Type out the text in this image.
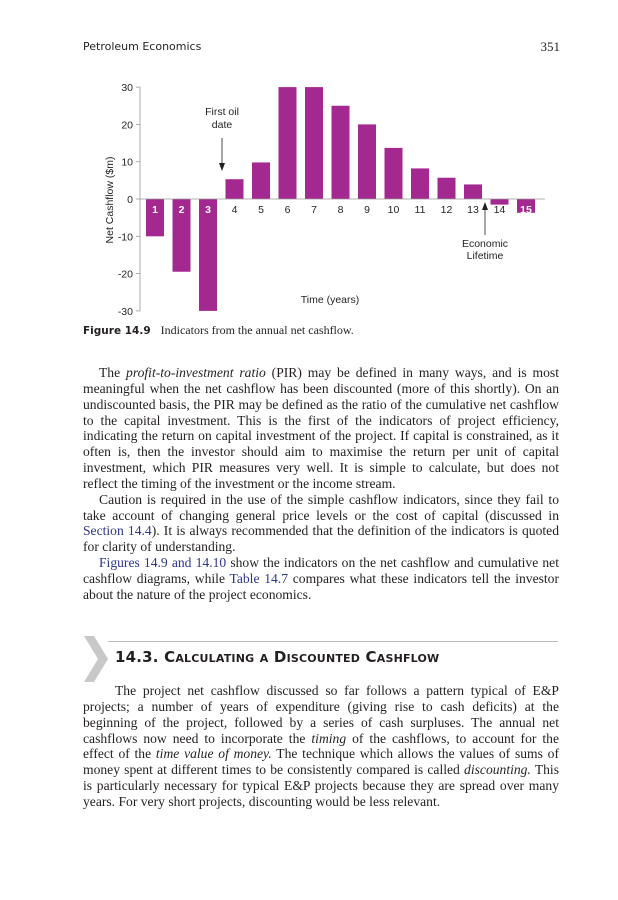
Petroleum Economics	351
30
20
10
0
-10
-20
-30
1 2 3 4 5 6 7 8 9 10 11 12 13 14 15
Net Cashflow ($m)
Time (years)
First oil
date
Economic
Lifetime
Figure 14.9 Indicators from the annual net cashflow.

The profit-to-investment ratio (PIR) may be defined in many ways, and is most meaningful when the net cashflow has been discounted (more of this shortly). On an undiscounted basis, the PIR may be defined as the ratio of the cumulative net cashflow to the capital investment. This is the first of the indicators of project efficiency, indicating the return on capital investment of the project. If capital is constrained, as it often is, then the investor should aim to maximise the return per unit of capital investment, which PIR measures very well. It is simple to calculate, but does not reflect the timing of the investment or the income stream.

Caution is required in the use of the simple cashflow indicators, since they fail to take account of changing general price levels or the cost of capital (discussed in Section 14.4). It is always recommended that the definition of the indicators is quoted for clarity of understanding.

Figures 14.9 and 14.10 show the indicators on the net cashflow and cumulative net cashflow diagrams, while Table 14.7 compares what these indicators tell the investor about the nature of the project economics.

14.3. Calculating a Discounted Cashflow

The project net cashflow discussed so far follows a pattern typical of E&P projects; a number of years of expenditure (giving rise to cash deficits) at the beginning of the project, followed by a series of cash surpluses. The annual net cashflows now need to incorporate the timing of the cashflows, to account for the effect of the time value of money. The technique which allows the values of sums of money spent at different times to be consistently compared is called discounting. This is particularly necessary for typical E&P projects because they are spread over many years. For very short projects, discounting would be less relevant.
